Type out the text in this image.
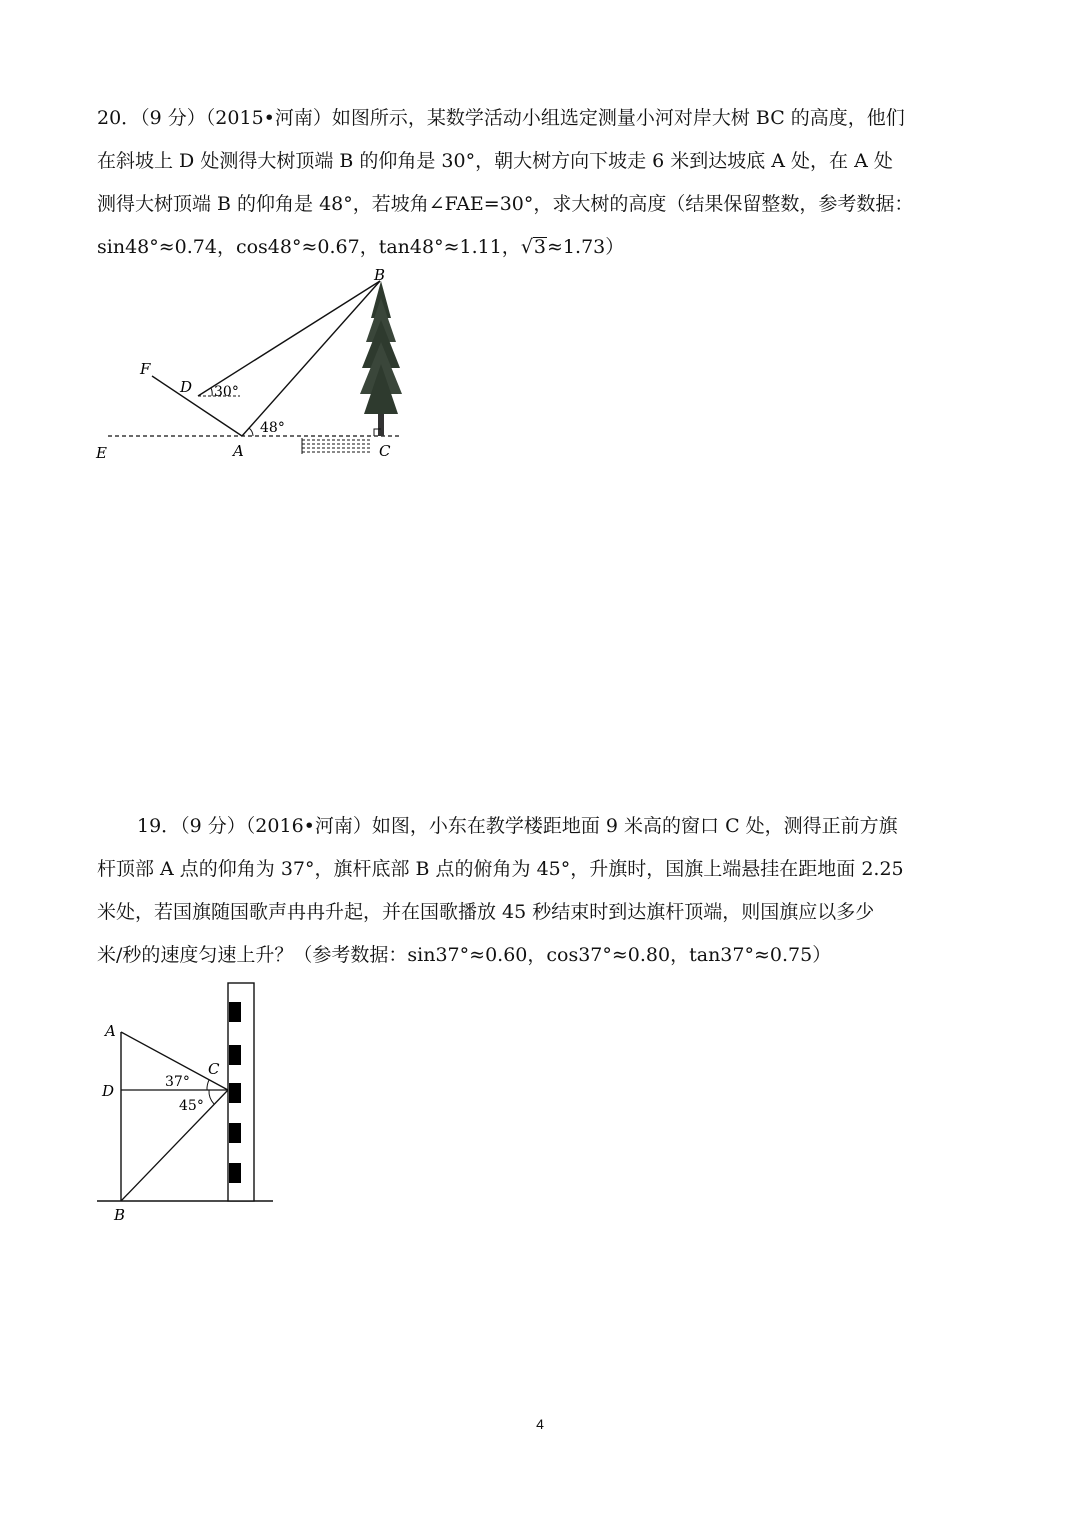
20．（9 分）（2015•河南）如图所示，某数学活动小组选定测量小河对岸大树 BC 的高度，他们

在斜坡上 D 处测得大树顶端 B 的仰角是 30°，朝大树方向下坡走 6 米到达坡底 A 处，在 A 处

测得大树顶端 B 的仰角是 48°，若坡角∠FAE=30°，求大树的高度（结果保留整数，参考数据：

sin48°≈0.74，cos48°≈0.67，tan48°≈1.11，√3≈1.73）

B
F
D 30°
48°
E	A	C

19．（9 分）（2016•河南）如图，小东在教学楼距地面 9 米高的窗口 C 处，测得正前方旗

杆顶部 A 点的仰角为 37°，旗杆底部 B 点的俯角为 45°，升旗时，国旗上端悬挂在距地面 2.25

米处，若国旗随国歌声冉冉升起，并在国歌播放 45 秒结束时到达旗杆顶端，则国旗应以多少

米/秒的速度匀速上升？（参考数据：sin37°≈0.60，cos37°≈0.80，tan37°≈0.75）

A
D
C
37°
45°
B
4
